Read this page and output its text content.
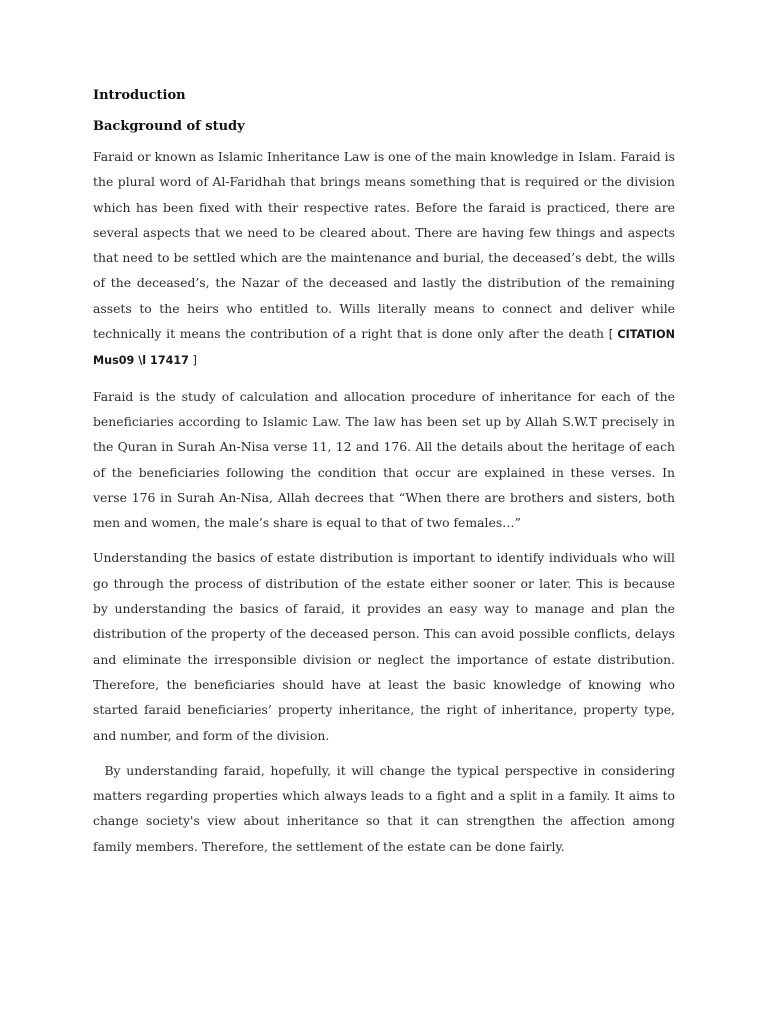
Introduction
Background of study

Faraid or known as Islamic Inheritance Law is one of the main knowledge in Islam. Faraid is the plural word of Al-Faridhah that brings means something that is required or the division which has been fixed with their respective rates. Before the faraid is practiced, there are several aspects that we need to be cleared about. There are having few things and aspects that need to be settled which are the maintenance and burial, the deceased’s debt, the wills of the deceased’s, the Nazar of the deceased and lastly the distribution of the remaining assets to the heirs who entitled to. Wills literally means to connect and deliver while technically it means the contribution of a right that is done only after the death [ CITATION Mus09 \l 17417 ]

Faraid is the study of calculation and allocation procedure of inheritance for each of the beneficiaries according to Islamic Law. The law has been set up by Allah S.W.T precisely in the Quran in Surah An-Nisa verse 11, 12 and 176. All the details about the heritage of each of the beneficiaries following the condition that occur are explained in these verses. In verse 176 in Surah An-Nisa, Allah decrees that “When there are brothers and sisters, both men and women, the male’s share is equal to that of two females…”

Understanding the basics of estate distribution is important to identify individuals who will go through the process of distribution of the estate either sooner or later. This is because by understanding the basics of faraid, it provides an easy way to manage and plan the distribution of the property of the deceased person. This can avoid possible conflicts, delays and eliminate the irresponsible division or neglect the importance of estate distribution. Therefore, the beneficiaries should have at least the basic knowledge of knowing who started faraid beneficiaries’ property inheritance, the right of inheritance, property type, and number, and form of the division.

By understanding faraid, hopefully, it will change the typical perspective in considering matters regarding properties which always leads to a fight and a split in a family. It aims to change society's view about inheritance so that it can strengthen the affection among family members. Therefore, the settlement of the estate can be done fairly.
